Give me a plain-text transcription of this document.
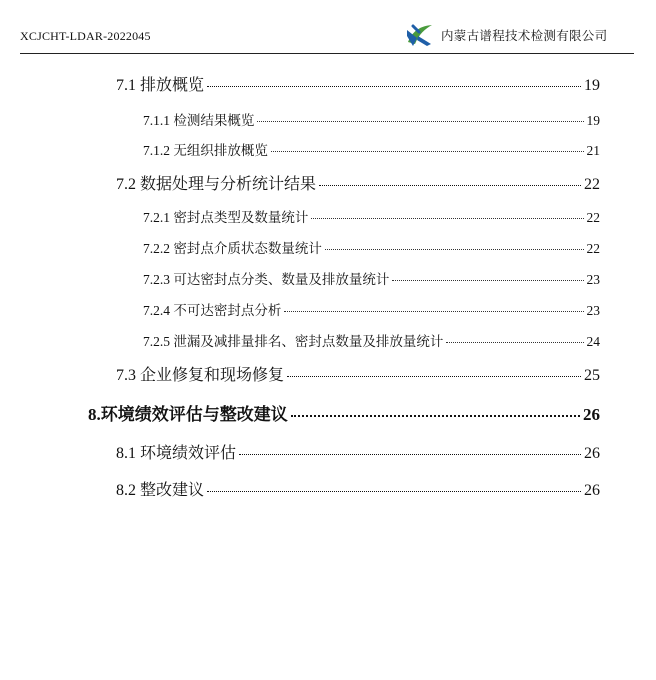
XCJCHT-LDAR-2022045	内蒙古谱程技术检测有限公司
7.1 排放概览	19
7.1.1 检测结果概览	19
7.1.2 无组织排放概览	21
7.2 数据处理与分析统计结果	22
7.2.1 密封点类型及数量统计	22
7.2.2 密封点介质状态数量统计	22
7.2.3 可达密封点分类、数量及排放量统计	23
7.2.4 不可达密封点分析	23
7.2.5 泄漏及减排量排名、密封点数量及排放量统计	24
7.3 企业修复和现场修复	25
8.环境绩效评估与整改建议	26
8.1 环境绩效评估	26
8.2 整改建议	26
